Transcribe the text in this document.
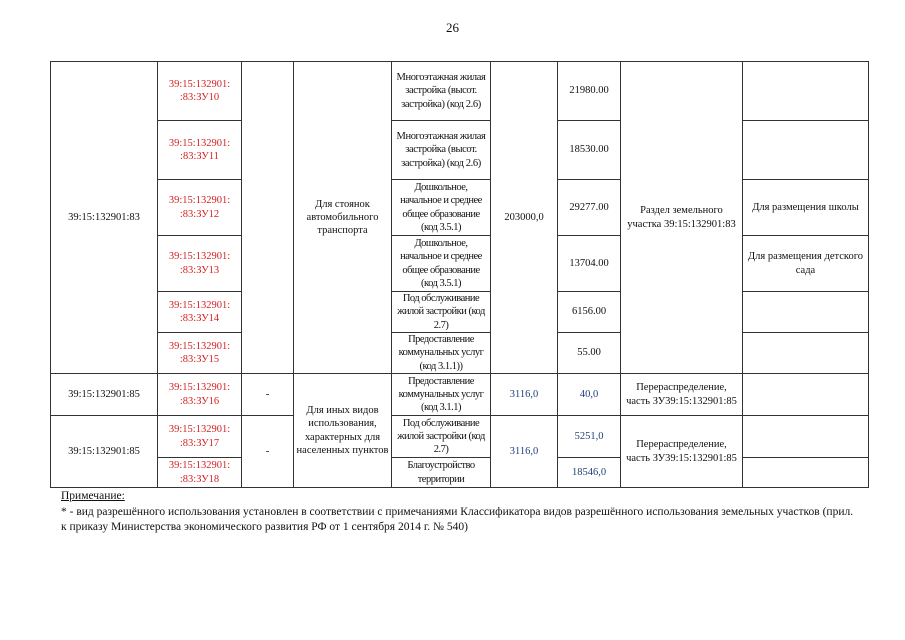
26
39:15:132901:83	39:15:132901:
:83:ЗУ10		Для стоянок автомобильного транспорта	Многоэтажная жилая застройка (высот. застройка) (код 2.6)	203000,0	21980.00	Раздел земельного участка 39:15:132901:83	
	39:15:132901:
:83:ЗУ11			Многоэтажная жилая застройка (высот. застройка) (код 2.6)		18530.00		
	39:15:132901:
:83:ЗУ12			Дошкольное, начальное и среднее общее образование (код 3.5.1)		29277.00		Для размещения школы
	39:15:132901:
:83:ЗУ13			Дошкольное, начальное и среднее общее образование (код 3.5.1)		13704.00		Для размещения детского сада
	39:15:132901:
:83:ЗУ14			Под обслуживание жилой застройки (код 2.7)		6156.00		
	39:15:132901:
:83:ЗУ15			Предоставление коммунальных услуг (код 3.1.1))		55.00		
39:15:132901:85	39:15:132901:
:83:ЗУ16	-	Для иных видов использования, характерных для населенных пунктов	Предоставление коммунальных услуг (код 3.1.1)	3116,0	40,0	Перераспределение, часть ЗУ39:15:132901:85	
39:15:132901:85	39:15:132901:
:83:ЗУ17	-		Под обслуживание жилой застройки (код 2.7)	3116,0	5251,0	Перераспределение, часть ЗУ39:15:132901:85	
	39:15:132901:
:83:ЗУ18			Благоустройство территории		18546,0		
Примечание:
* - вид разрешённого использования установлен в соответствии с примечаниями Классификатора видов разрешённого использования земельных участков (прил. к приказу Министерства экономического развития РФ от 1 сентября 2014 г. № 540)
